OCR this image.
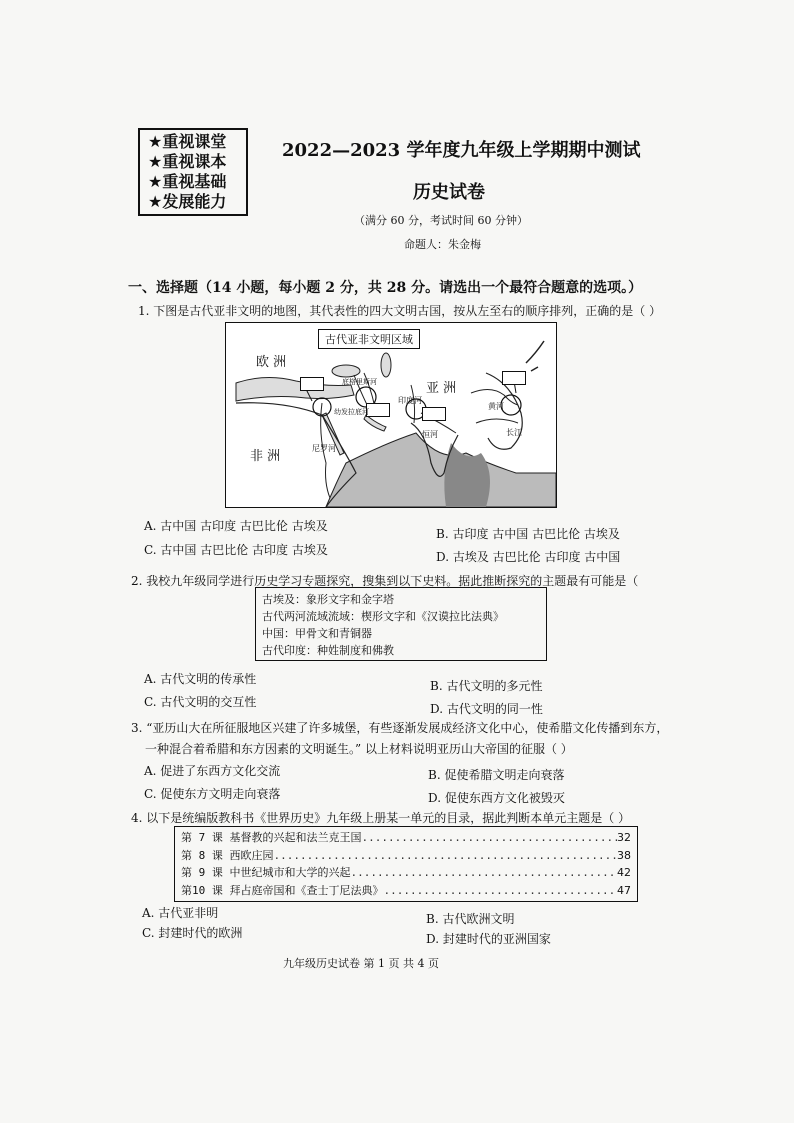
★重视课堂
★重视课本
★重视基础
★发展能力
2022—2023 学年度九年级上学期期中测试
历史试卷
（满分 60 分，考试时间 60 分钟）
命题人：朱金梅
一、选择题（14 小题，每小题 2 分，共 28 分。请选出一个最符合题意的选项。）
1. 下图是古代亚非文明的地图，其代表性的四大文明古国，按从左至右的顺序排列，正确的是（ ）
古代亚非文明区域
欧 洲
亚 洲
非 洲
底格里斯河
幼发拉底河
印度河
恒河
尼罗河
黄河
长江
A. 古中国 古印度 古巴比伦 古埃及
B. 古印度 古中国 古巴比伦 古埃及
C. 古中国 古巴比伦 古印度 古埃及	D. 古埃及 古巴比伦 古印度 古中国
2. 我校九年级同学进行历史学习专题探究，搜集到以下史料。据此推断探究的主题最有可能是（
古埃及：象形文字和金字塔
古代两河流域流域：楔形文字和《汉谟拉比法典》
中国：甲骨文和青铜器
古代印度：种姓制度和佛教
A. 古代文明的传承性	B. 古代文明的多元性
C. 古代文明的交互性	D. 古代文明的同一性
3. “亚历山大在所征服地区兴建了许多城堡，有些逐渐发展成经济文化中心，使希腊文化传播到东方，
一种混合着希腊和东方因素的文明诞生。” 以上材料说明亚历山大帝国的征服（ ）
A. 促进了东西方文化交流	B. 促使希腊文明走向衰落
C. 促使东方文明走向衰落	D. 促使东西方文化被毁灭
4. 以下是统编版教科书《世界历史》九年级上册某一单元的目录，据此判断本单元主题是（ ）
第 7 课 基督教的兴起和法兰克王国 .....	32
第 8 课 西欧庄园 .....	38
第 9 课 中世纪城市和大学的兴起 .....	42
第10 课 拜占庭帝国和《查士丁尼法典》 .....	47
A. 古代亚非明	B. 古代欧洲文明
C. 封建时代的欧洲	D. 封建时代的亚洲国家
九年级历史试卷 第 1 页 共 4 页
